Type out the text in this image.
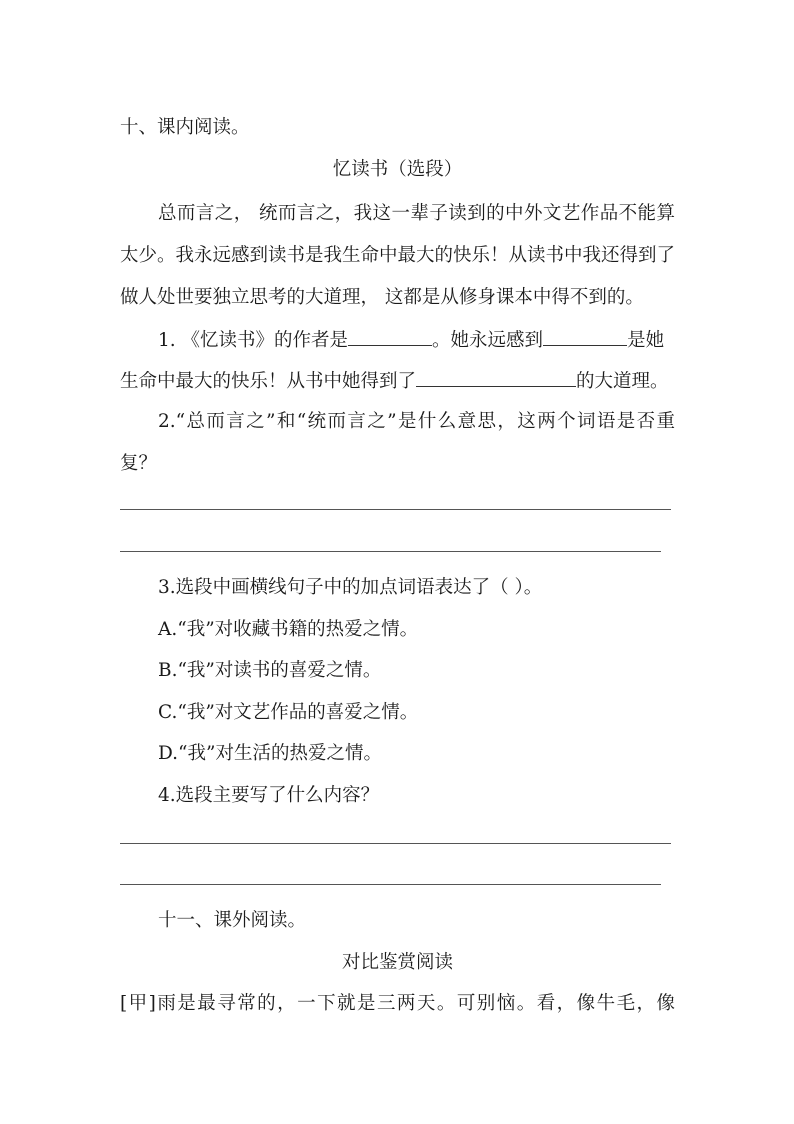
十、课内阅读。
忆读书（选段）
总而言之， 统而言之，我这一辈子读到的中外文艺作品不能算
太少。我永远感到读书是我生命中最大的快乐！从读书中我还得到了
做人处世要独立思考的大道理， 这都是从修身课本中得不到的。
1. 《忆读书》的作者是	。她永远感到	是她
生命中最大的快乐！从书中她得到了	的大道理。
2.“总而言之”和“统而言之”是什么意思，这两个词语是否重
复？
3.选段中画横线句子中的加点词语表达了（ ）。
A.“我”对收藏书籍的热爱之情。
B.“我”对读书的喜爱之情。
C.“我”对文艺作品的喜爱之情。
D.“我”对生活的热爱之情。
4.选段主要写了什么内容？
十一、课外阅读。
对比鉴赏阅读
[甲]雨是最寻常的，一下就是三两天。可别恼。看，像牛毛，像
